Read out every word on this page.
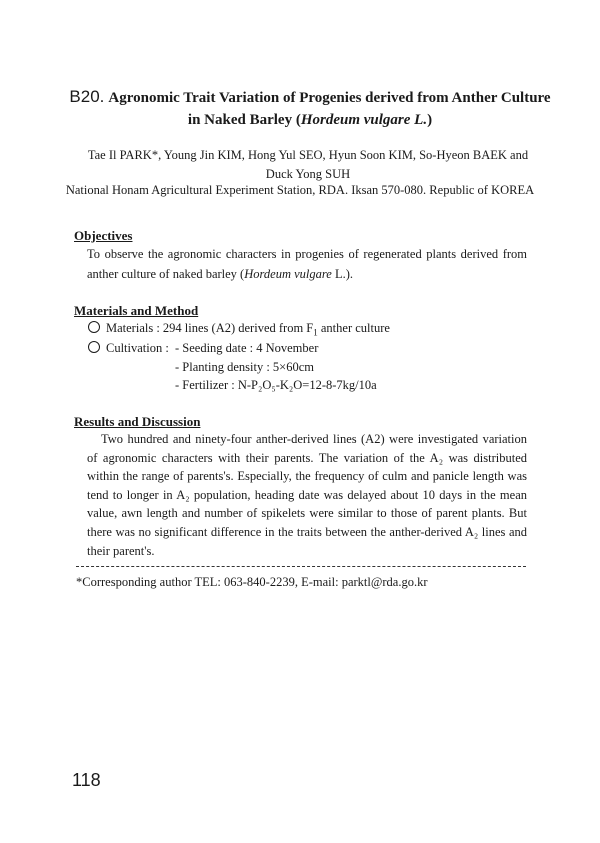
B20. Agronomic Trait Variation of Progenies derived from Anther Culture
in Naked Barley (Hordeum vulgare L.)
Tae Il PARK*, Young Jin KIM, Hong Yul SEO, Hyun Soon KIM, So-Hyeon BAEK and
Duck Yong SUH
National Honam Agricultural Experiment Station, RDA. Iksan 570-080. Republic of KOREA
Objectives
To observe the agronomic characters in progenies of regenerated plants derived from anther culture of naked barley (Hordeum vulgare L.).
Materials and Method
Materials : 294 lines (A2) derived from $F_1$ anther culture
Cultivation : - Seeding date : 4 November
- Planting density : 5×60cm
- Fertilizer : N-P₂O₅-K₂O=12-8-7kg/10a
Results and Discussion
Two hundred and ninety-four anther-derived lines (A2) were investigated variation of agronomic characters with their parents. The variation of the A₂ was distributed within the range of parents's. Especially, the frequency of culm and panicle length was tend to longer in A₂ population, heading date was delayed about 10 days in the mean value, awn length and number of spikelets were similar to those of parent plants. But there was no significant difference in the traits between the anther-derived A₂ lines and their parent's.
*Corresponding author TEL: 063-840-2239, E-mail: parktl@rda.go.kr
118
